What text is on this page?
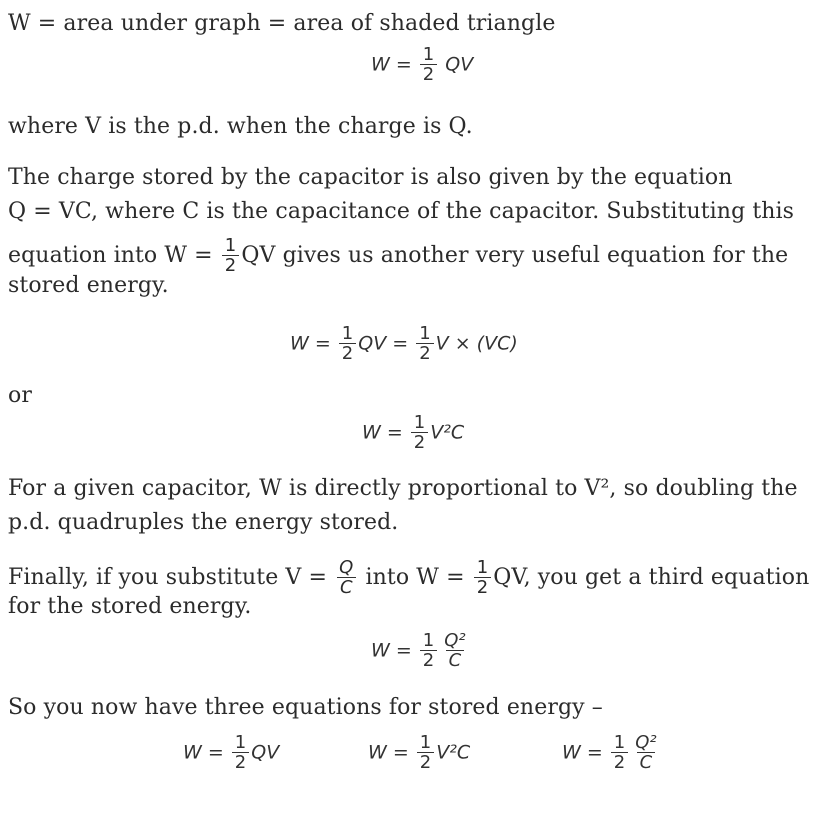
W = area under graph = area of shaded triangle
$W = \frac{1}{2}$ QV
where V is the p.d. when the charge is Q.
The charge stored by the capacitor is also given by the equation
Q = VC, where C is the capacitance of the capacitor. Substituting this
equation into $W = \frac{1}{2}$ QV gives us another very useful equation for the
stored energy.
$W = \frac{1}{2}$ QV = $\frac{1}{2}$ V × (VC)
or
$W = \frac{1}{2} V^2C$
For a given capacitor, W is directly proportional to V², so doubling the
p.d. quadruples the energy stored.
Finally, if you substitute $V = \frac{Q}{C}$ into $W = \frac{1}{2}$ QV, you get a third equation
for the stored energy.
$W = \frac{1}{2} \frac{\text{Q²}}{C}$
So you now have three equations for stored energy –
$W = \frac{1}{2}$ QV	$W = \frac{1}{2} V^2C$	$W = \frac{1}{2} \frac{\text{Q²}}{C}$
